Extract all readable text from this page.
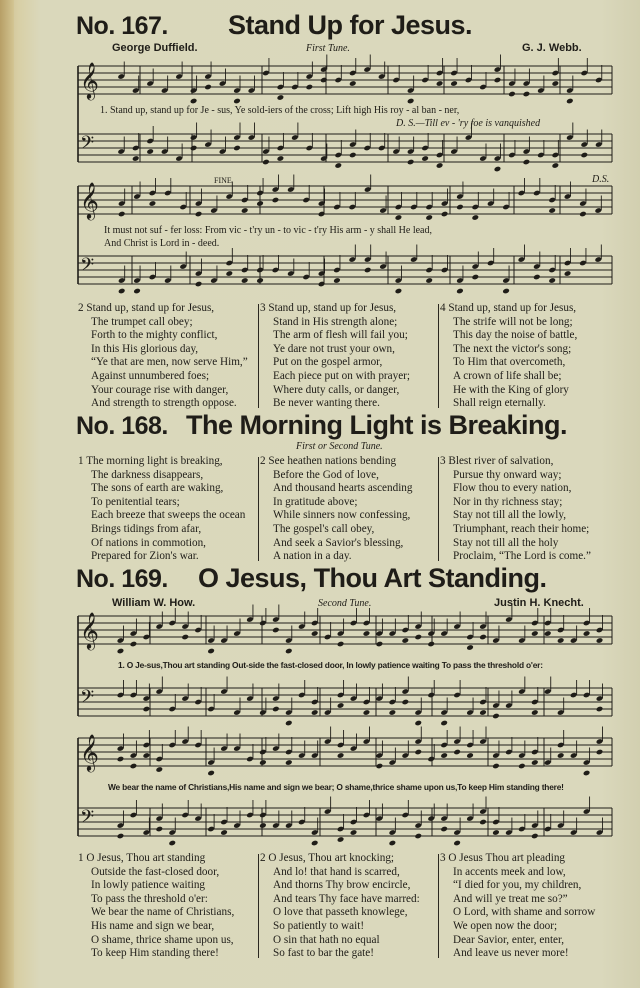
No. 167. Stand Up for Jesus.
George Duffield.	First Tune.	G. J. Webb.
𝄞
𝄢
𝄞
𝄢
𝄞
𝄢
𝄞
𝄢
1. Stand up, stand up for Je - sus, Ye sold-iers of the cross; Lift high His roy - al ban - ner,
D. S.—Till ev - 'ry foe is vanquished
FINE	D.S.
It must not suf - fer loss: From vic - t'ry un - to vic - t'ry His arm - y shall He lead,
And Christ is Lord in - deed.
2 Stand up, stand up for Jesus,
The trumpet call obey;
Forth to the mighty conflict,
In this His glorious day,
“Ye that are men, now serve Him,”
Against unnumbered foes;
Your courage rise with danger,
And strength to strength oppose.
3 Stand up, stand up for Jesus,
Stand in His strength alone;
The arm of flesh will fail you;
Ye dare not trust your own,
Put on the gospel armor,
Each piece put on with prayer;
Where duty calls, or danger,
Be never wanting there.
4 Stand up, stand up for Jesus,
The strife will not be long;
This day the noise of battle,
The next the victor's song;
To Him that overcometh,
A crown of life shall be;
He with the King of glory
Shall reign eternally.
No. 168. The Morning Light is Breaking.
First or Second Tune.
1 The morning light is breaking,
The darkness disappears,
The sons of earth are waking,
To penitential tears;
Each breeze that sweeps the ocean
Brings tidings from afar,
Of nations in commotion,
Prepared for Zion's war.
2 See heathen nations bending
Before the God of love,
And thousand hearts ascending
In gratitude above;
While sinners now confessing,
The gospel's call obey,
And seek a Savior's blessing,
A nation in a day.
3 Blest river of salvation,
Pursue thy onward way;
Flow thou to every nation,
Nor in thy richness stay;
Stay not till all the lowly,
Triumphant, reach their home;
Stay not till all the holy
Proclaim, “The Lord is come.”
No. 169. O Jesus, Thou Art Standing.
William W. How.	Second Tune.	Justin H. Knecht.
1. O Je-sus,Thou art standing Out-side the fast-closed door, In lowly patience waiting To pass the threshold o'er:
We bear the name of Christians,His name and sign we bear; O shame,thrice shame upon us,To keep Him standing there!
1 O Jesus, Thou art standing
Outside the fast-closed door,
In lowly patience waiting
To pass the threshold o'er:
We bear the name of Christians,
His name and sign we bear,
O shame, thrice shame upon us,
To keep Him standing there!
2 O Jesus, Thou art knocking;
And lo! that hand is scarred,
And thorns Thy brow encircle,
And tears Thy face have marred:
O love that passeth knowlege,
So patiently to wait!
O sin that hath no equal
So fast to bar the gate!
3 O Jesus Thou art pleading
In accents meek and low,
“I died for you, my children,
And will ye treat me so?”
O Lord, with shame and sorrow
We open now the door;
Dear Savior, enter, enter,
And leave us never more!
